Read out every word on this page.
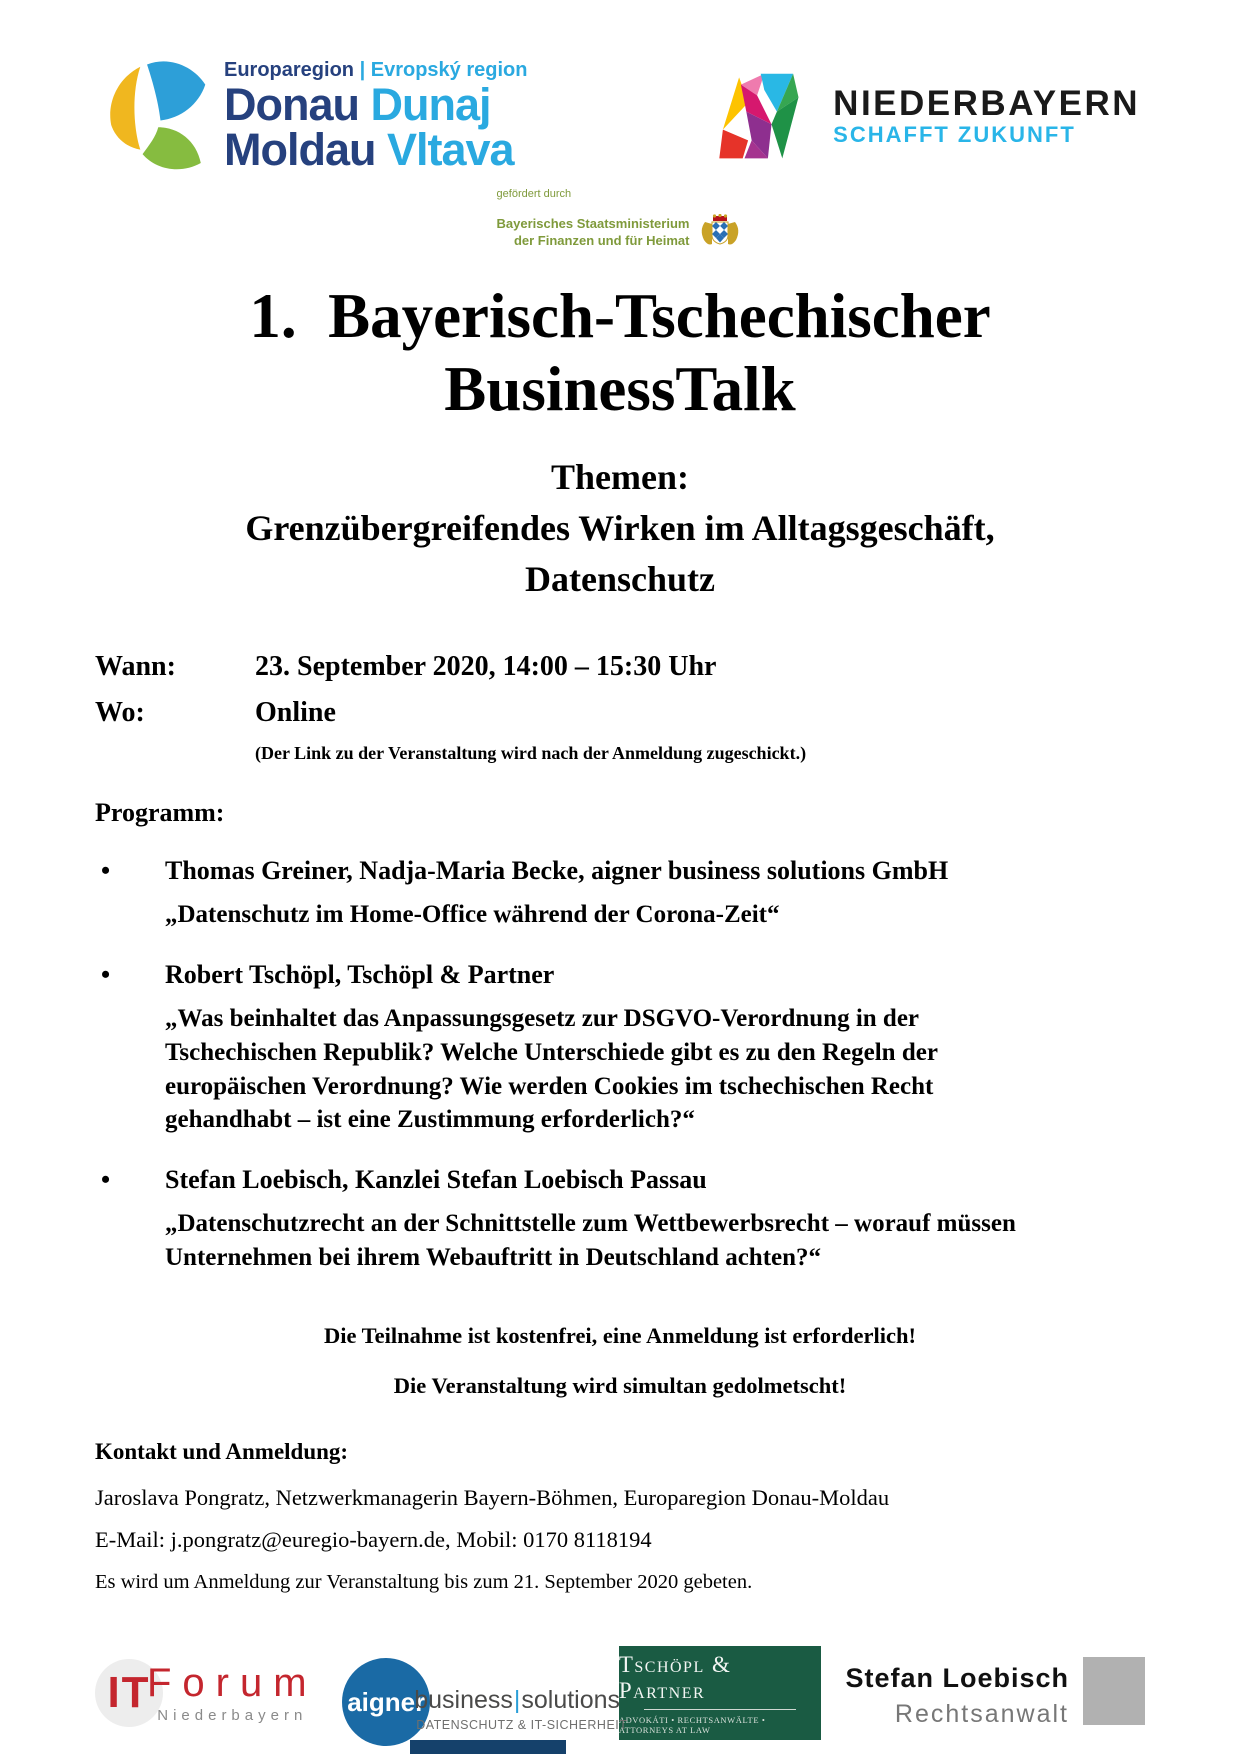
Europaregion | Evropský region
Donau Dunaj
Moldau Vltava
NIEDERBAYERN
SCHAFFT ZUKUNFT
gefördert durch
Bayerisches Staatsministerium
der Finanzen und für Heimat
1. Bayerisch-Tschechischer
BusinessTalk
Themen:
Grenzübergreifendes Wirken im Alltagsgeschäft,
Datenschutz
Wann:	23. September 2020, 14:00 – 15:30 Uhr
Wo:	Online
(Der Link zu der Veranstaltung wird nach der Anmeldung zugeschickt.)
Programm:
•	Thomas Greiner, Nadja-Maria Becke, aigner business solutions GmbH
„Datenschutz im Home-Office während der Corona-Zeit“
•	Robert Tschöpl, Tschöpl & Partner
„Was beinhaltet das Anpassungsgesetz zur DSGVO-Verordnung in der Tschechischen Republik? Welche Unterschiede gibt es zu den Regeln der europäischen Verordnung? Wie werden Cookies im tschechischen Recht gehandhabt – ist eine Zustimmung erforderlich?“
•	Stefan Loebisch, Kanzlei Stefan Loebisch Passau
„Datenschutzrecht an der Schnittstelle zum Wettbewerbsrecht – worauf müssen Unternehmen bei ihrem Webauftritt in Deutschland achten?“
Die Teilnahme ist kostenfrei, eine Anmeldung ist erforderlich!
Die Veranstaltung wird simultan gedolmetscht!
Kontakt und Anmeldung:
Jaroslava Pongratz, Netzwerkmanagerin Bayern-Böhmen, Europaregion Donau-Moldau
E-Mail: j.pongratz@euregio-bayern.de, Mobil: 0170 8118194
Es wird um Anmeldung zur Veranstaltung bis zum 21. September 2020 gebeten.
IT
Forum
Niederbayern	aigner
business|solutions
DATENSCHUTZ & IT-SICHERHEIT
Tschöpl & Partner
ADVOKÁTI • RECHTSANWÄLTE • ATTORNEYS AT LAW
Stefan Loebisch
Rechtsanwalt
